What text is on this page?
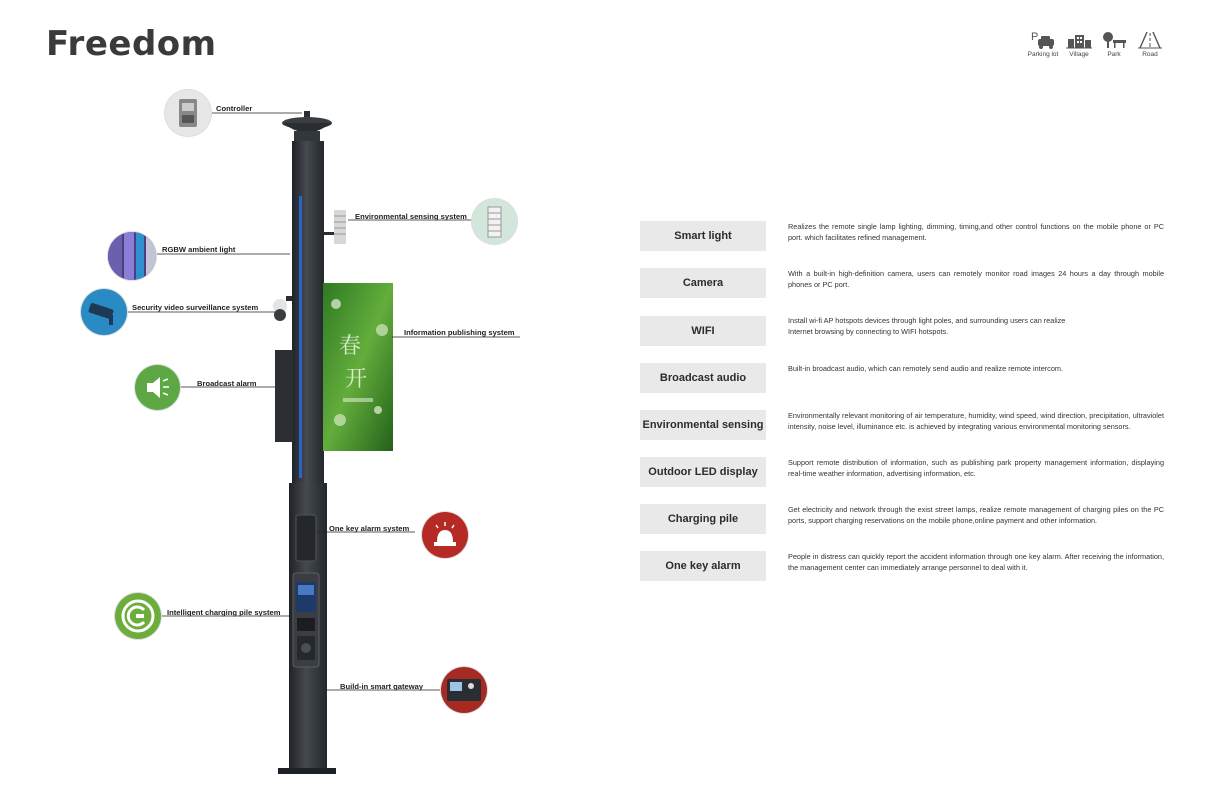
Freedom	P
Parking lot	Village	Park	Road
春
开
Controller
Environmental sensing system
RGBW ambient light
Security video surveillance system
Information publishing system
Broadcast alarm
One key alarm system
Intelligent charging pile system
Build-in smart gateway
Smart light
Realizes the remote single lamp lighting, dimming, timing,and other control functions on the mobile phone or PC port. which facilitates refined management.
Camera
With a built-in high-definition camera, users can remotely monitor road images 24 hours a day through mobile phones or PC port.
WIFI
Install wi-fi AP hotspots devices through light poles, and surrounding users can realize Internet browsing by connecting to WIFI hotspots.
Broadcast audio
Built-in broadcast audio, which can remotely send audio and realize remote intercom.
Environmental sensing
Environmentally relevant monitoring of air temperature, humidity, wind speed, wind direction, precipitation, ultraviolet intensity, noise level, illuminance etc. is achieved by integrating various environmental monitoring sensors.
Outdoor LED display
Support remote distribution of information, such as publishing park property management information, displaying real-time weather information, advertising information, etc.
Charging pile
Get electricity and network through the exist street lamps, realize remote management of charging piles on the PC ports, support charging reservations on the mobile phone,online payment and other information.
One key alarm
People in distress can quickly report the accident information through one key alarm. After receiving the information, the management center can immediately arrange personnel to deal with it.
